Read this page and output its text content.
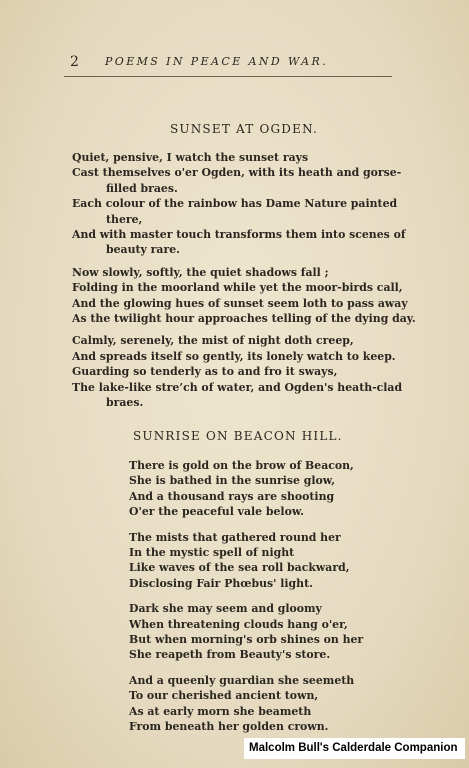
2 POEMS IN PEACE AND WAR.
SUNSET AT OGDEN.
Quiet, pensive, I watch the sunset rays
Cast themselves o'er Ogden, with its heath and gorse-
filled braes.
Each colour of the rainbow has Dame Nature painted
there,
And with master touch transforms them into scenes of
beauty rare.
Now slowly, softly, the quiet shadows fall ;
Folding in the moorland while yet the moor-birds call,
And the glowing hues of sunset seem loth to pass away
As the twilight hour approaches telling of the dying day.
Calmly, serenely, the mist of night doth creep,
And spreads itself so gently, its lonely watch to keep.
Guarding so tenderly as to and fro it sways,
The lake-like stre’ch of water, and Ogden's heath-clad
braes.
SUNRISE ON BEACON HILL.
There is gold on the brow of Beacon,
She is bathed in the sunrise glow,
And a thousand rays are shooting
O'er the peaceful vale below.
The mists that gathered round her
In the mystic spell of night
Like waves of the sea roll backward,
Disclosing Fair Phœbus' light.
Dark she may seem and gloomy
When threatening clouds hang o'er,
But when morning's orb shines on her
She reapeth from Beauty's store.
And a queenly guardian she seemeth
To our cherished ancient town,
As at early morn she beameth
From beneath her golden crown.
Malcolm Bull's Calderdale Companion
